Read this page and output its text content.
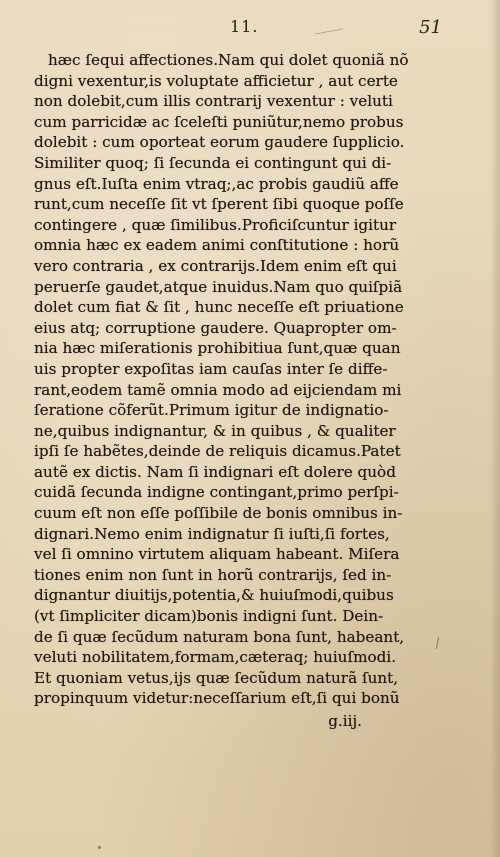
11.	51
hæc ſequi affectiones.Nam qui dolet quoniã nõ
digni vexentur,is voluptate afficietur , aut certe
non dolebit,cum illis contrarij vexentur : veluti
cum parricidæ ac ſceleſti puniũtur,nemo probus
dolebit : cum oporteat eorum gaudere ſupplicio.
Similiter quoq; ſi ſecunda ei contingunt qui di-
gnus eſt.Iuſta enim vtraq;,ac probis gaudiũ affe
runt,cum neceſſe ſit vt ſperent ſibi quoque poſſe
contingere , quæ ſimilibus.Proficiſcuntur igitur
omnia hæc ex eadem animi conſtitutione : horũ
vero contraria , ex contrarijs.Idem enim eſt qui
peruerſe gaudet,atque inuidus.Nam quo quiſpiã
dolet cum fiat & ſit , hunc neceſſe eſt priuatione
eius atq; corruptione gaudere. Quapropter om-
nia hæc miſerationis prohibitiua ſunt,quæ quan
uis propter expoſitas iam cauſas inter ſe diffe-
rant,eodem tamẽ omnia modo ad eijciendam mi
ſeratione cõferũt.Primum igitur de indignatio-
ne,quibus indignantur, & in quibus , & qualiter
ipſi ſe habẽtes,deinde de reliquis dicamus.Patet
autẽ ex dictis. Nam ſi indignari eſt dolere quòd
cuidã ſecunda indigne contingant,primo perſpi-
cuum eſt non eſſe poſſibile de bonis omnibus in-
dignari.Nemo enim indignatur ſi iuſti,ſi fortes,
vel ſi omnino virtutem aliquam habeant. Miſera
tiones enim non ſunt in horũ contrarijs, ſed in-
dignantur diuitijs,potentia,& huiuſmodi,quibus
(vt ſimpliciter dicam)bonis indigni ſunt. Dein-
de ſi quæ ſecũdum naturam bona ſunt, habeant,
veluti nobilitatem,formam,cæteraq; huiuſmodi.
Et quoniam vetus,ijs quæ ſecũdum naturã ſunt,
propinquum videtur:neceſſarium eſt,ſi qui bonũ
g.iij.
